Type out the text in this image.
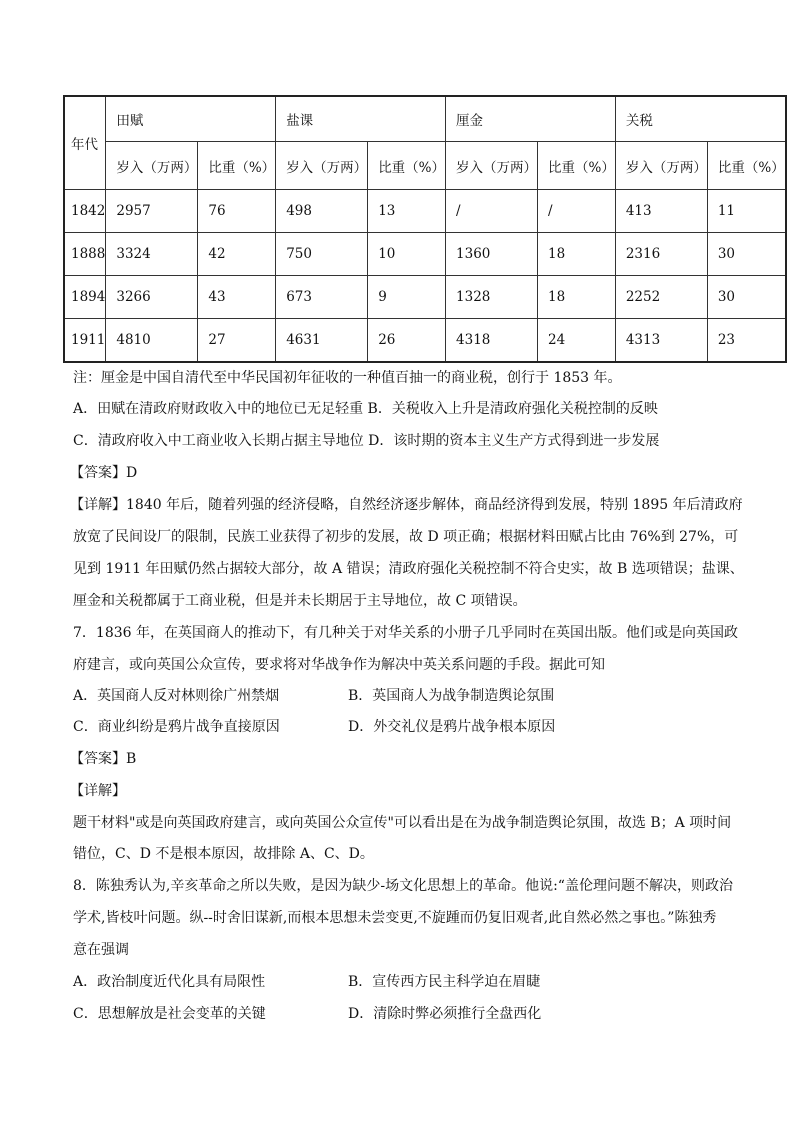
年代	田赋		盐课		厘金		关税	
	岁入（万两）	比重（%）	岁入（万两）	比重（%）	岁入（万两）	比重（%）	岁入（万两）	比重（%）
1842	2957	76	498	13	/	/	413	11
1888	3324	42	750	10	1360	18	2316	30
1894	3266	43	673	9	1328	18	2252	30
1911	4810	27	4631	26	4318	24	4313	23
注：厘金是中国自清代至中华民国初年征收的一种值百抽一的商业税，创行于 1853 年。
A．田赋在清政府财政收入中的地位已无足轻重 B．关税收入上升是清政府强化关税控制的反映
C．清政府收入中工商业收入长期占据主导地位 D．该时期的资本主义生产方式得到进一步发展
【答案】D
【详解】1840 年后，随着列强的经济侵略，自然经济逐步解体，商品经济得到发展，特别 1895 年后清政府
放宽了民间设厂的限制，民族工业获得了初步的发展，故 D 项正确；根据材料田赋占比由 76%到 27%，可
见到 1911 年田赋仍然占据较大部分，故 A 错误；清政府强化关税控制不符合史实，故 B 选项错误；盐课、
厘金和关税都属于工商业税，但是并未长期居于主导地位，故 C 项错误。
7．1836 年，在英国商人的推动下，有几种关于对华关系的小册子几乎同时在英国出版。他们或是向英国政
府建言，或向英国公众宣传，要求将对华战争作为解决中英关系问题的手段。据此可知
A．英国商人反对林则徐广州禁烟	B．英国商人为战争制造舆论氛围
C．商业纠纷是鸦片战争直接原因	D．外交礼仪是鸦片战争根本原因
【答案】B
【详解】
题干材料"或是向英国政府建言，或向英国公众宣传"可以看出是在为战争制造舆论氛围，故选 B；A 项时间
错位，C、D 不是根本原因，故排除 A、C、D。
8．陈独秀认为,辛亥革命之所以失败，是因为缺少-场文化思想上的革命。他说:“盖伦理问题不解决，则政治
学术,皆枝叶问题。纵--时舍旧谋新,而根本思想未尝变更,不旋踵而仍复旧观者,此自然必然之事也。”陈独秀
意在强调
A．政治制度近代化具有局限性	B．宣传西方民主科学迫在眉睫
C．思想解放是社会变革的关键	D．清除时弊必须推行全盘西化
